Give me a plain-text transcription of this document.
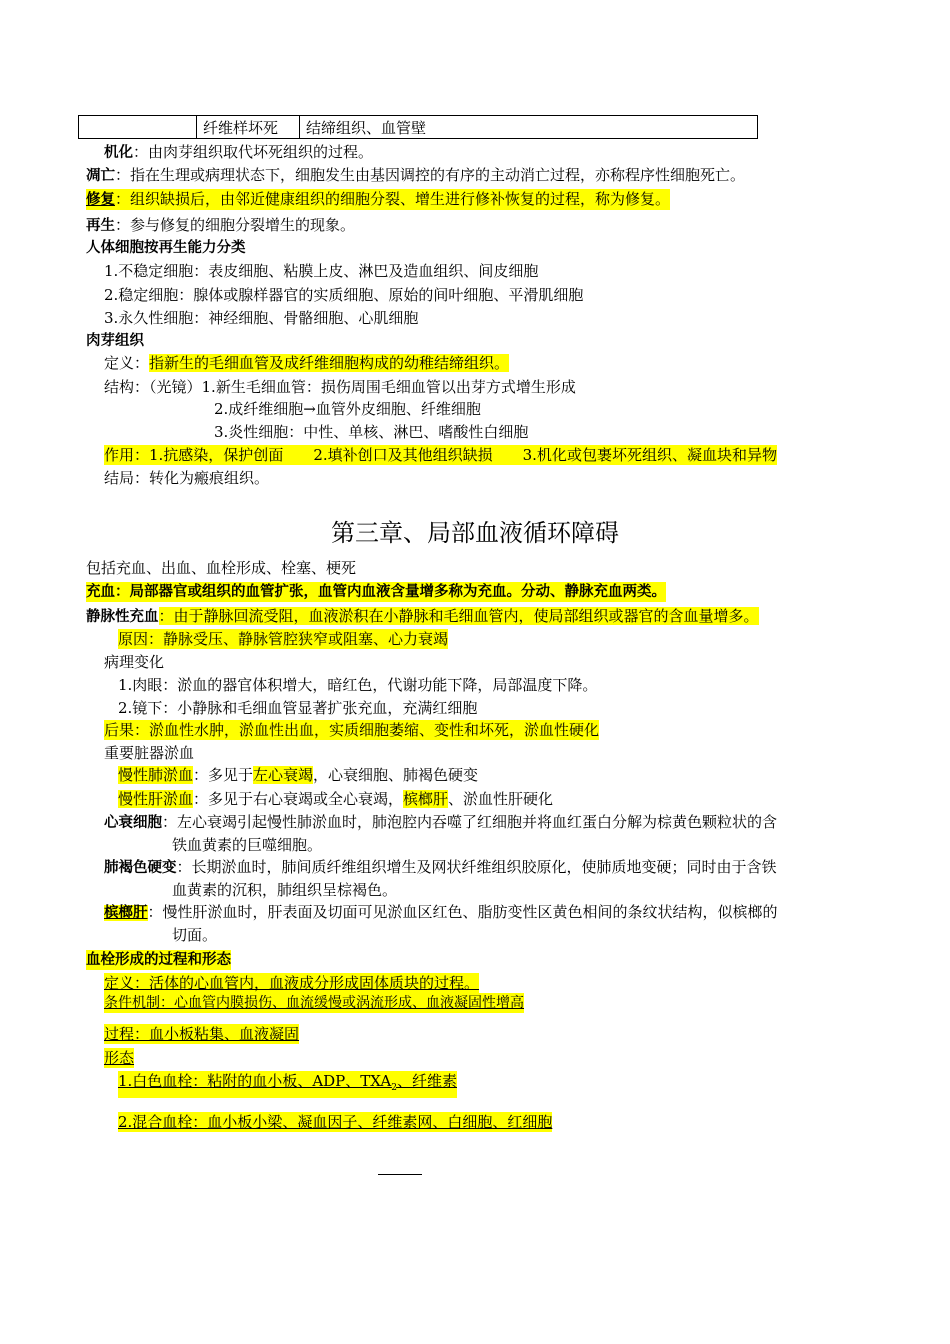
	纤维样坏死	结缔组织、血管壁
机化：由肉芽组织取代坏死组织的过程。
凋亡：指在生理或病理状态下，细胞发生由基因调控的有序的主动消亡过程，亦称程序性细胞死亡。
修复：组织缺损后，由邻近健康组织的细胞分裂、增生进行修补恢复的过程，称为修复。
再生：参与修复的细胞分裂增生的现象。
人体细胞按再生能力分类
1.不稳定细胞：表皮细胞、粘膜上皮、淋巴及造血组织、间皮细胞
2.稳定细胞：腺体或腺样器官的实质细胞、原始的间叶细胞、平滑肌细胞
3.永久性细胞：神经细胞、骨骼细胞、心肌细胞
肉芽组织
定义：指新生的毛细血管及成纤维细胞构成的幼稚结缔组织。
结构：（光镜）1.新生毛细血管：损伤周围毛细血管以出芽方式增生形成
2.成纤维细胞→血管外皮细胞、纤维细胞
3.炎性细胞：中性、单核、淋巴、嗜酸性白细胞
作用：1.抗感染，保护创面　　2.填补创口及其他组织缺损　　3.机化或包裹坏死组织、凝血块和异物
结局：转化为瘢痕组织。
第三章、局部血液循环障碍
包括充血、出血、血栓形成、栓塞、梗死
充血：局部器官或组织的血管扩张，血管内血液含量增多称为充血。分动、静脉充血两类。
静脉性充血：由于静脉回流受阻，血液淤积在小静脉和毛细血管内，使局部组织或器官的含血量增多。
原因：静脉受压、静脉管腔狭窄或阻塞、心力衰竭
病理变化
1.肉眼：淤血的器官体积增大，暗红色，代谢功能下降，局部温度下降。
2.镜下：小静脉和毛细血管显著扩张充血，充满红细胞
后果：淤血性水肿，淤血性出血，实质细胞萎缩、变性和坏死，淤血性硬化
重要脏器淤血
慢性肺淤血：多见于左心衰竭，心衰细胞、肺褐色硬变
慢性肝淤血：多见于右心衰竭或全心衰竭，槟榔肝、淤血性肝硬化
心衰细胞：左心衰竭引起慢性肺淤血时，肺泡腔内吞噬了红细胞并将血红蛋白分解为棕黄色颗粒状的含
铁血黄素的巨噬细胞。
肺褐色硬变：长期淤血时，肺间质纤维组织增生及网状纤维组织胶原化，使肺质地变硬；同时由于含铁
血黄素的沉积，肺组织呈棕褐色。
槟榔肝：慢性肝淤血时，肝表面及切面可见淤血区红色、脂肪变性区黄色相间的条纹状结构，似槟榔的
切面。
血栓形成的过程和形态
定义：活体的心血管内，血液成分形成固体质块的过程。
条件机制：心血管内膜损伤、血流缓慢或涡流形成、血液凝固性增高
过程：血小板粘集、血液凝固
形态
1.白色血栓：粘附的血小板、ADP、$TXA_2$、纤维素
2.混合血栓：血小板小梁、凝血因子、纤维素网、白细胞、红细胞
